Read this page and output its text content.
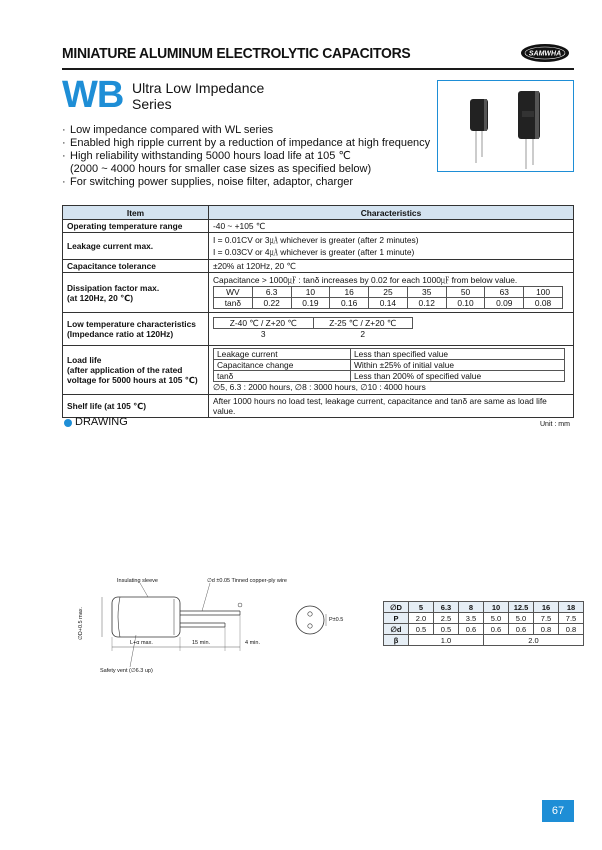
MINIATURE ALUMINUM ELECTROLYTIC CAPACITORS	SAMWHA
WB Ultra Low Impedance
Series
· Low impedance compared with WL series
· Enabled high ripple current by a reduction of impedance at high frequency
· High reliability withstanding 5000 hours load life at 105 ℃
(2000 ~ 4000 hours for smaller case sizes as specified below)
· For switching power supplies, noise filter, adaptor, charger
Item	Characteristics
Operating temperature range	-40 ~ +105 ℃
Leakage current max.	
I = 0.01CV or 3㎂ whichever is greater (after 2 minutes)
I = 0.03CV or 4㎂ whichever is greater (after 1 minute)

Capacitance tolerance	±20% at 120Hz, 20 ℃

Dissipation factor max.
(at 120Hz, 20 ℃)

Capacitance > 1000㎌ : tanδ increases by 0.02 for each 1000㎌ from below value.
WV	6.3	10	16	25	35	50	63	100
tanδ	0.22	0.19	0.16	0.14	0.12	0.10	0.09	0.08

Low temperature characteristics
(Impedance ratio at 120Hz)

Z-40 ℃ / Z+20 ℃	Z-25 ℃ / Z+20 ℃
3	2

Load life
(after application of the rated
voltage for 5000 hours at 105 ℃)

Leakage current	Less than specified value
Capacitance change	Within ±25% of initial value
tanδ	Less than 200% of specified value
∅5, 6.3 : 2000 hours, ∅8 : 3000 hours, ∅10 : 4000 hours

Shelf life (at 105 ℃)	After 1000 hours no load test, leakage current, capacitance and tanδ are same as load life value.
DRAWING	Unit : mm
Insulating sleeve	∅d ±0.05 Tinned copper-ply wire
∅D+0.5 max.
L+α max.	15 min.	4 min.
P±0.5
Safety vent (∅6.3 up)
∅D	5	6.3	8	10	12.5	16	18
P	2.0	2.5	3.5	5.0	5.0	7.5	7.5
∅d	0.5	0.5	0.6	0.6	0.6	0.8	0.8
β	1.0			2.0			
67
